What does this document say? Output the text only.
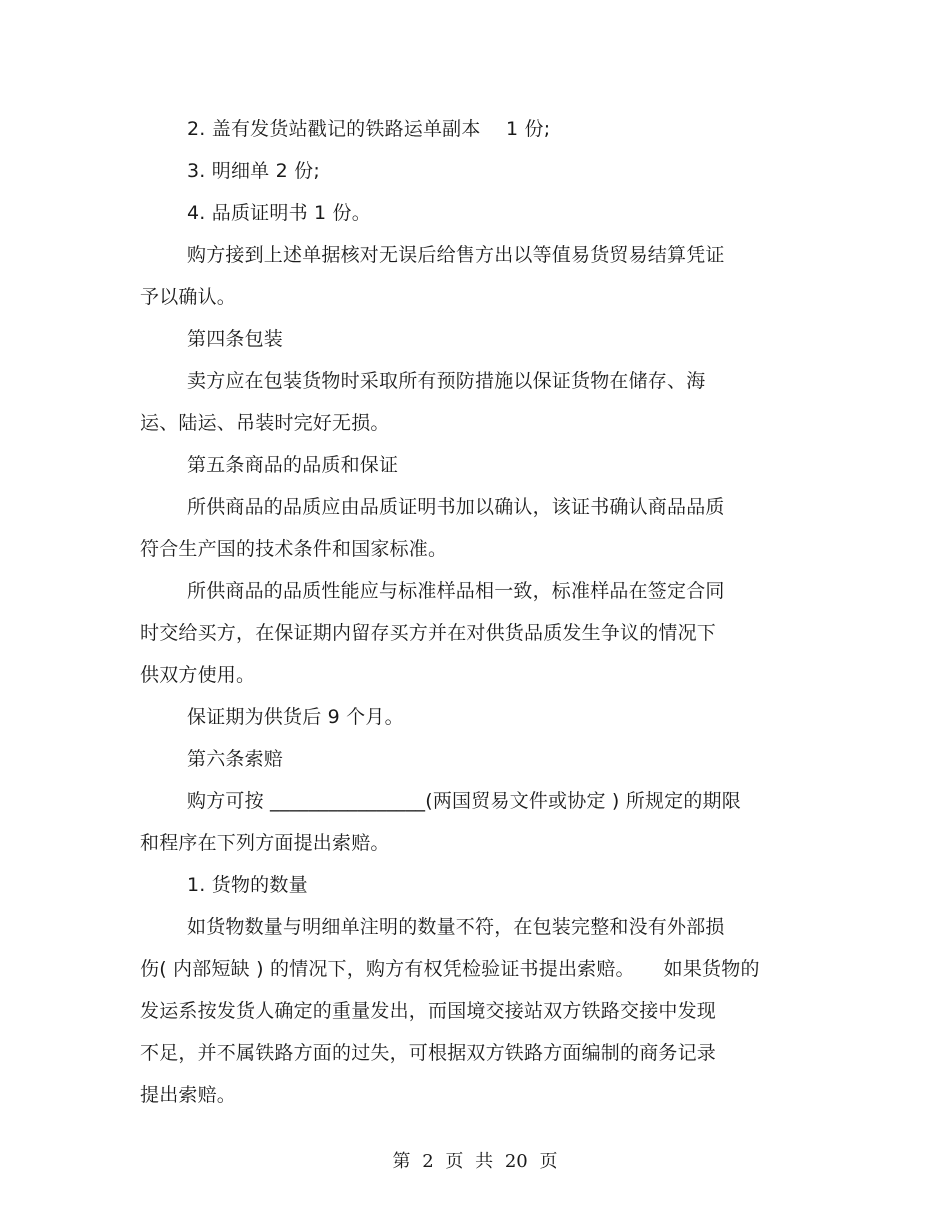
2. 盖有发货站戳记的铁路运单副本 　1 份;
3. 明细单 2 份;
4. 品质证明书 1 份。
购方接到上述单据核对无误后给售方出以等值易货贸易结算凭证
予以确认。
第四条包装
卖方应在包装货物时采取所有预防措施以保证货物在储存、海
运、陆运、吊装时完好无损。
第五条商品的品质和保证
所供商品的品质应由品质证明书加以确认，该证书确认商品品质
符合生产国的技术条件和国家标准。
所供商品的品质性能应与标准样品相一致，标准样品在签定合同
时交给买方，在保证期内留存买方并在对供货品质发生争议的情况下
供双方使用。
保证期为供货后 9 个月。
第六条索赔
购方可按 ________________(两国贸易文件或协定 ) 所规定的期限
和程序在下列方面提出索赔。
1. 货物的数量
如货物数量与明细单注明的数量不符，在包装完整和没有外部损
伤( 内部短缺 ) 的情况下，购方有权凭检验证书提出索赔。　　如果货物的
发运系按发货人确定的重量发出，而国境交接站双方铁路交接中发现
不足，并不属铁路方面的过失，可根据双方铁路方面编制的商务记录
提出索赔。
第 2 页 共 20 页
